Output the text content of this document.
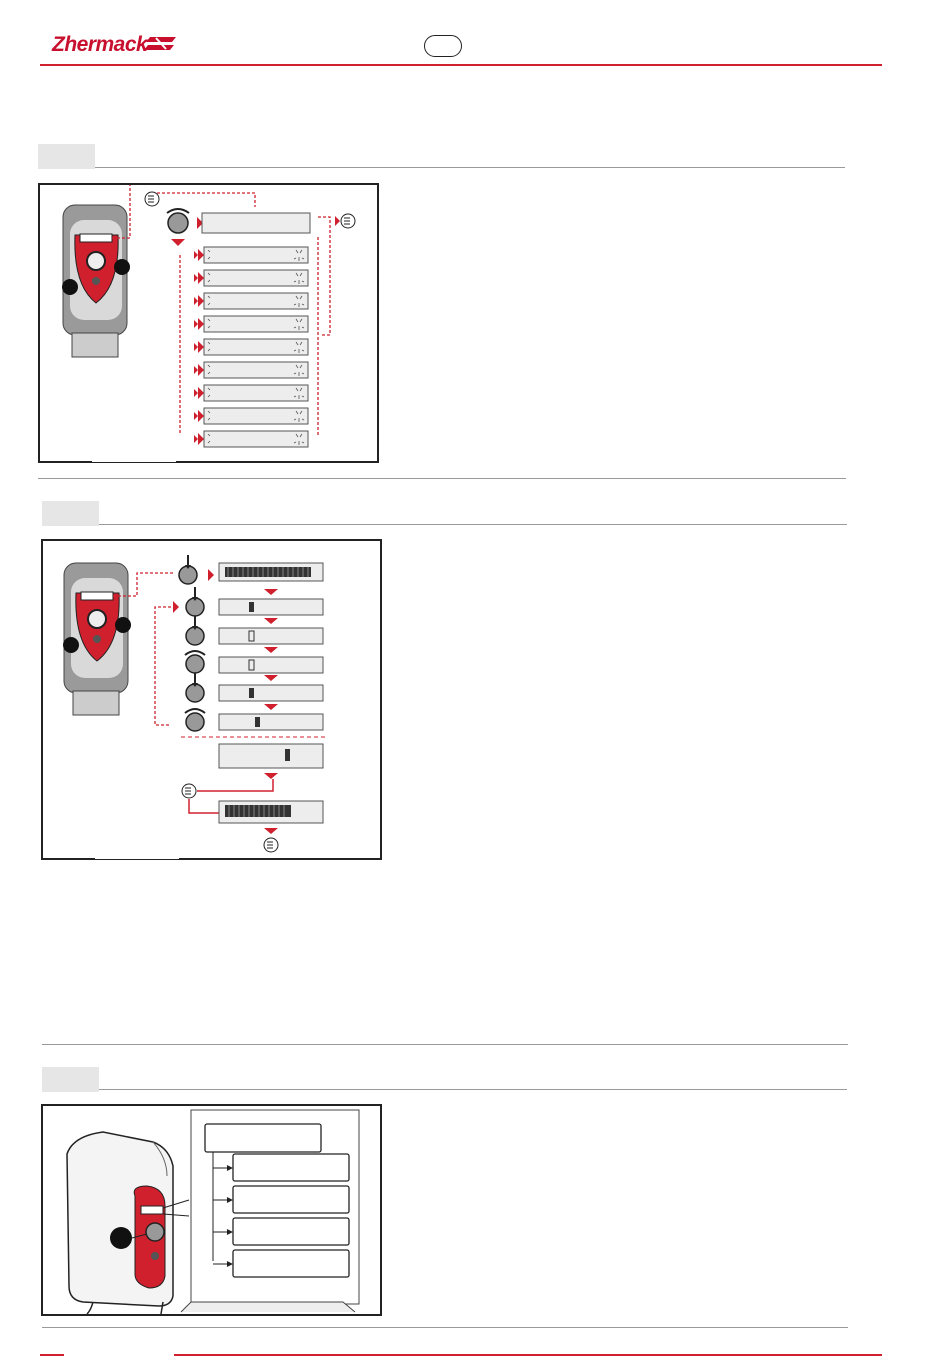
Zhermack
